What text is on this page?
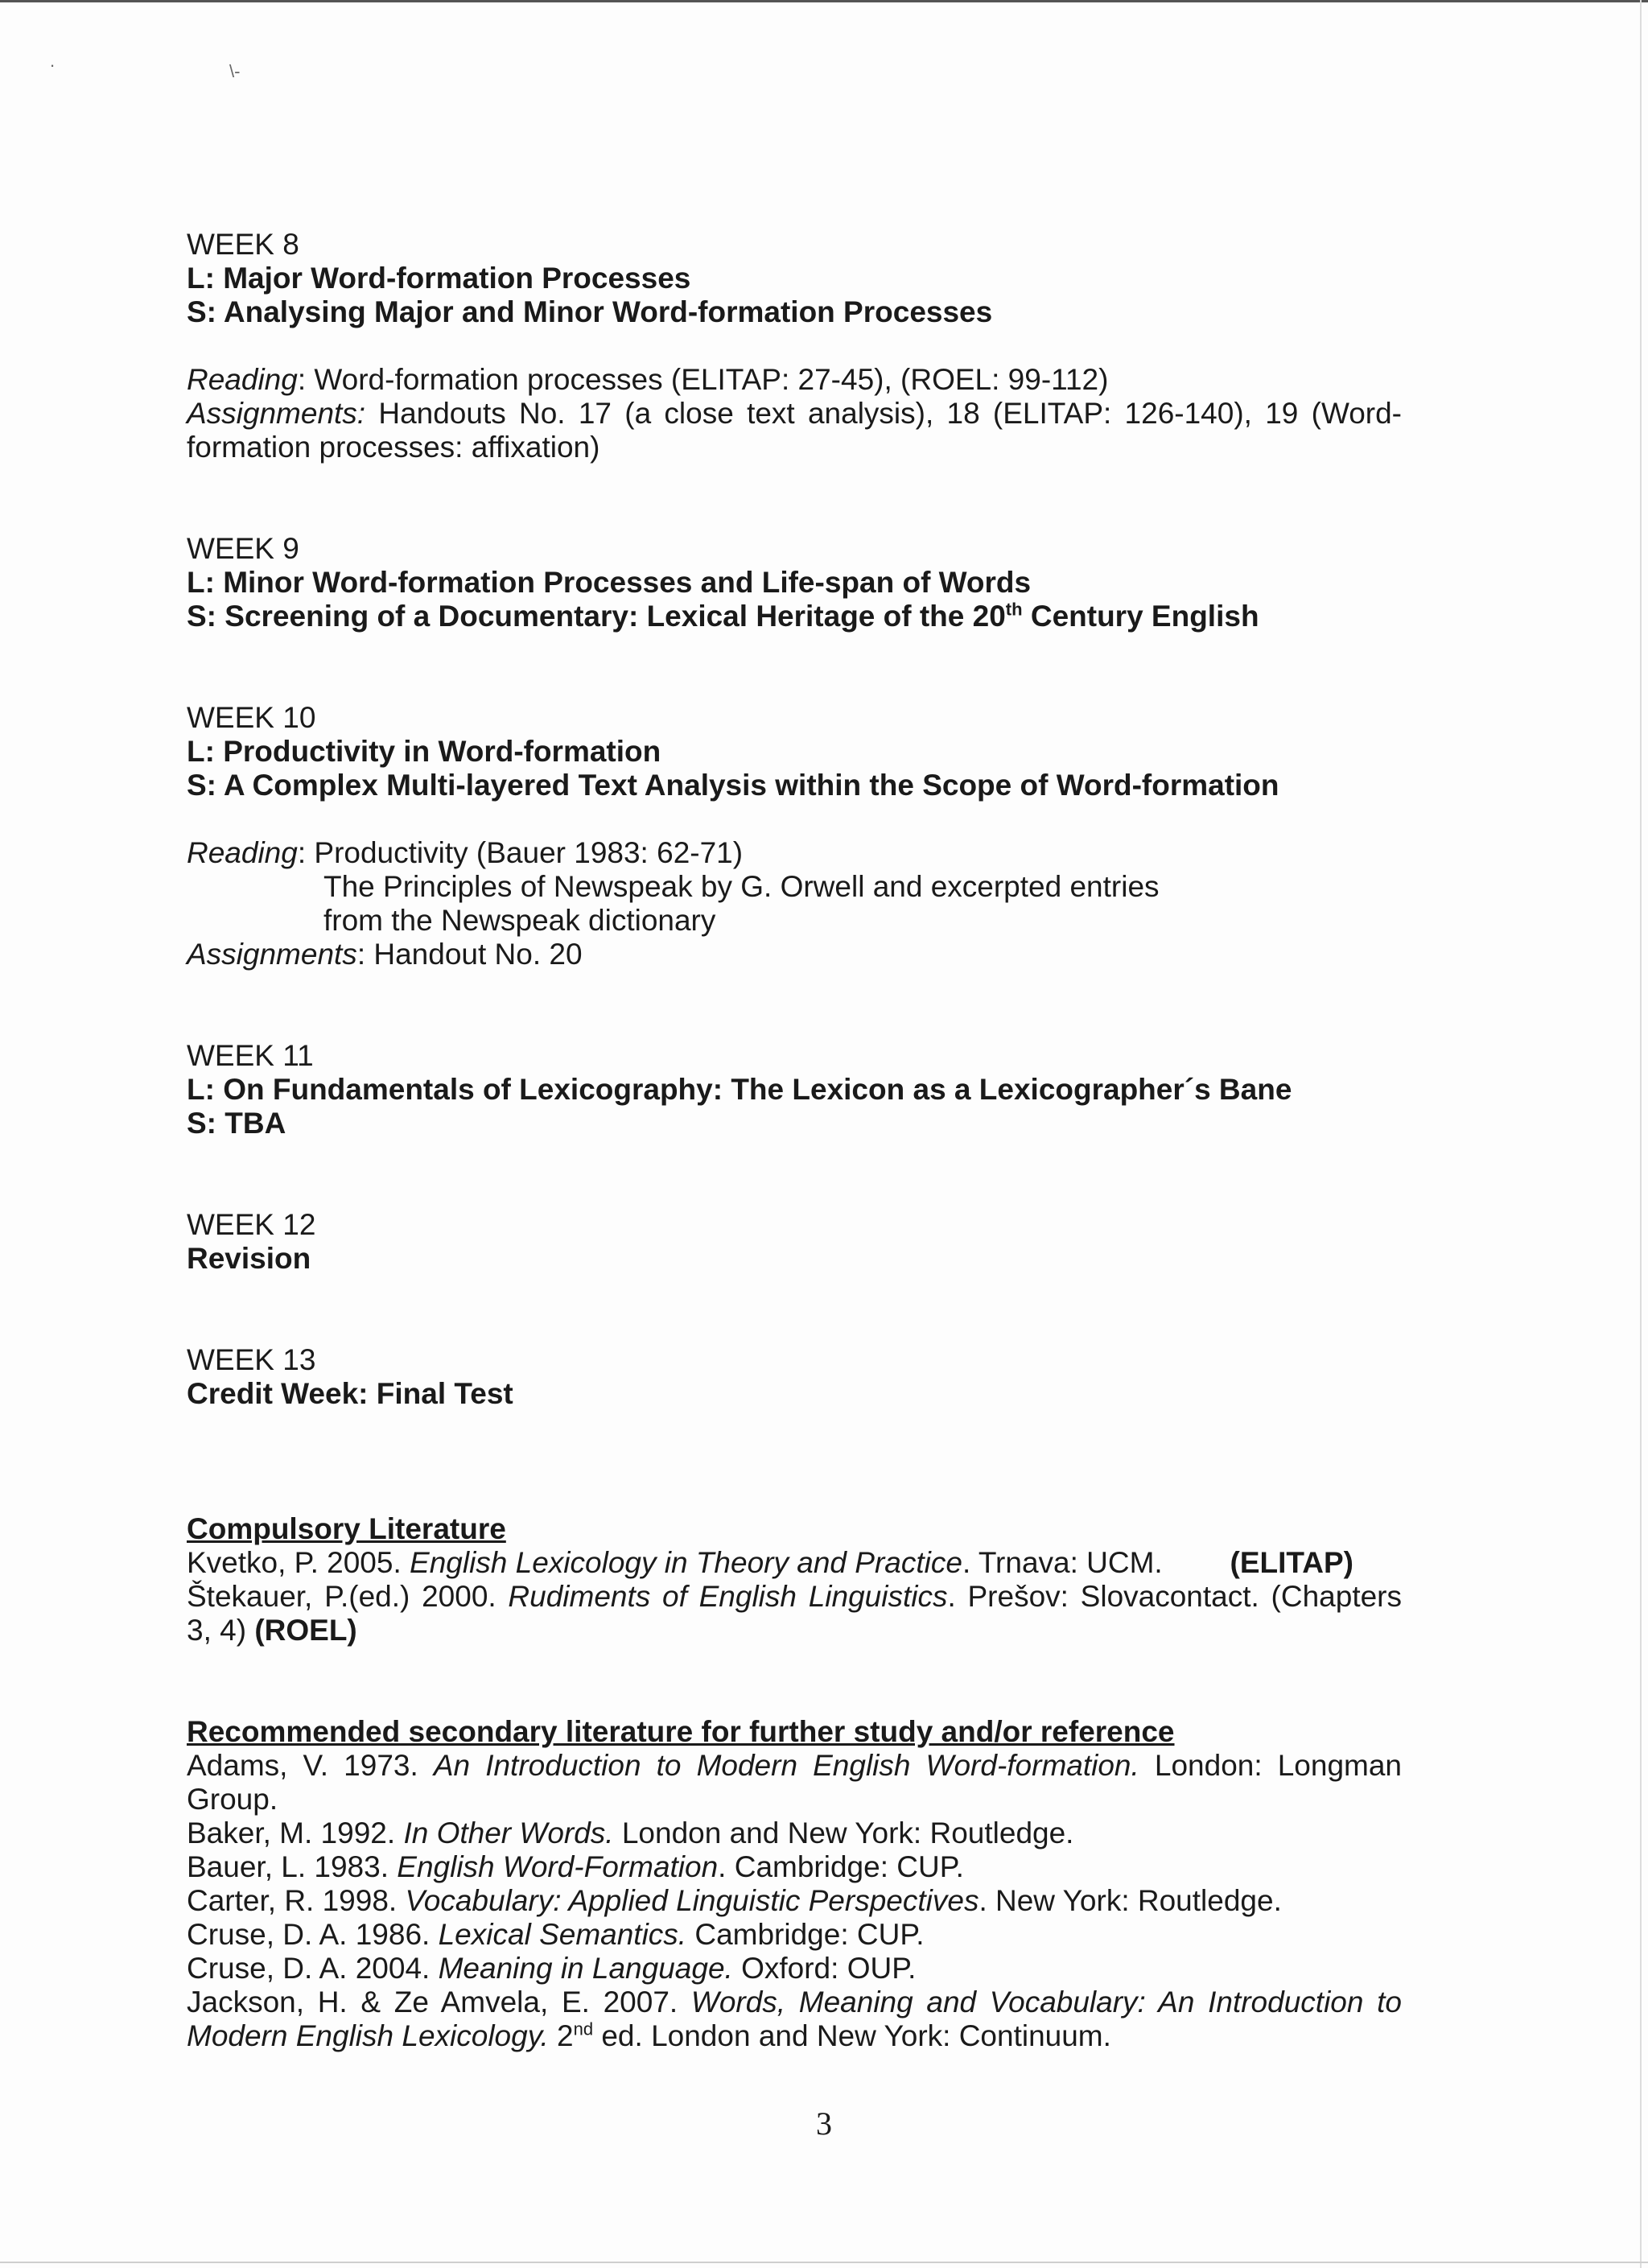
\-
.
WEEK 8
L: Major Word-formation Processes
S: Analysing Major and Minor Word-formation Processes
Reading: Word-formation processes (ELITAP: 27-45), (ROEL: 99-112)
Assignments: Handouts No. 17 (a close text analysis), 18 (ELITAP: 126-140), 19 (Word-formation processes: affixation)
WEEK 9
L: Minor Word-formation Processes and Life-span of Words
S: Screening of a Documentary: Lexical Heritage of the 20th Century English
WEEK 10
L: Productivity in Word-formation
S: A Complex Multi-layered Text Analysis within the Scope of Word-formation
Reading: Productivity (Bauer 1983: 62-71)
The Principles of Newspeak by G. Orwell and excerpted entries from the Newspeak dictionary
Assignments: Handout No. 20
WEEK 11
L: On Fundamentals of Lexicography: The Lexicon as a Lexicographer´s Bane
S: TBA
WEEK 12
Revision
WEEK 13
Credit Week: Final Test
Compulsory Literature
Kvetko, P. 2005. English Lexicology in Theory and Practice. Trnava: UCM. (ELITAP)
Štekauer, P.(ed.) 2000. Rudiments of English Linguistics. Prešov: Slovacontact. (Chapters 3, 4) (ROEL)
Recommended secondary literature for further study and/or reference
Adams, V. 1973. An Introduction to Modern English Word-formation. London: Longman Group.
Baker, M. 1992. In Other Words. London and New York: Routledge.
Bauer, L. 1983. English Word-Formation. Cambridge: CUP.
Carter, R. 1998. Vocabulary: Applied Linguistic Perspectives. New York: Routledge.
Cruse, D. A. 1986. Lexical Semantics. Cambridge: CUP.
Cruse, D. A. 2004. Meaning in Language. Oxford: OUP.
Jackson, H. & Ze Amvela, E. 2007. Words, Meaning and Vocabulary: An Introduction to Modern English Lexicology. 2nd ed. London and New York: Continuum.
3
